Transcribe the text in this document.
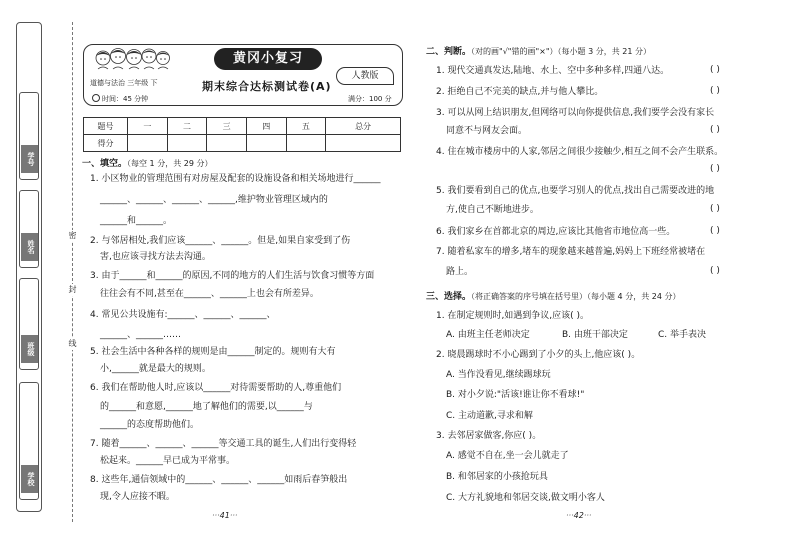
学号
姓名
班级
学校
密
封
线
黄冈小复习
道德与法治 三年级 下	期末综合达标测试卷(A)
人教版
时间：45 分钟	满分：100 分
题号	一	二	三	四	五	总分
得分						
一、填空。（每空 1 分，共 29 分）
1. 小区物业的管理范围有对房屋及配套的设施设备和相关场地进行______
______、______、______、______,维护物业管理区域内的
______和______。
2. 与邻居相处,我们应该______、______。但是,如果自家受到了伤
害,也应该寻找方法去沟通。
3. 由于______和______的原因,不同的地方的人们生活与饮食习惯等方面
往往会有不同,甚至在______、______上也会有所差异。
4. 常见公共设施有:______、______、______、
______、______……
5. 社会生活中各种各样的规则是由______制定的。规则有大有
小,______就是最大的规则。
6. 我们在帮助他人时,应该以______对待需要帮助的人,尊重他们
的______和意愿,______地了解他们的需要,以______与
______的态度帮助他们。
7. 随着______、______、______等交通工具的诞生,人们出行变得轻
松起来。______早已成为平常事。
8. 这些年,通信领域中的______、______、______如雨后春笋般出
现,令人应接不暇。
二、判断。（对的画"√"错的画"×"）（每小题 3 分，共 21 分）
1. 现代交通真发达,陆地、水上、空中多种多样,四通八达。	( )
2. 拒绝自己不完美的缺点,并与他人攀比。	( )
3. 可以从网上结识朋友,但网络可以向你提供信息,我们要学会没有家长
同意不与网友会面。	( )
4. 住在城市楼房中的人家,邻居之间很少接触少,相互之间不会产生联系。
( )
5. 我们要看到自己的优点,也要学习别人的优点,找出自己需要改进的地
方,使自己不断地进步。	( )
6. 我们家乡在首都北京的周边,应该比其他省市地位高一些。	( )
7. 随着私家车的增多,堵车的现象越来越普遍,妈妈上下班经常被堵在
路上。	( )
三、选择。（将正确答案的序号填在括号里）（每小题 4 分，共 24 分）
1. 在制定规则时,如遇到争议,应该( )。
A. 由班主任老师决定	B. 由班干部决定	C. 举手表决
2. 晓晨踢球时不小心踢到了小夕的头上,他应该( )。
A. 当作没看见,继续踢球玩
B. 对小夕说:"活该!谁让你不看球!"
C. 主动道歉,寻求和解
3. 去邻居家做客,你应( )。
A. 感觉不自在,坐一会儿就走了
B. 和邻居家的小孩抢玩具
C. 大方礼貌地和邻居交谈,做文明小客人
···41···	···42···
